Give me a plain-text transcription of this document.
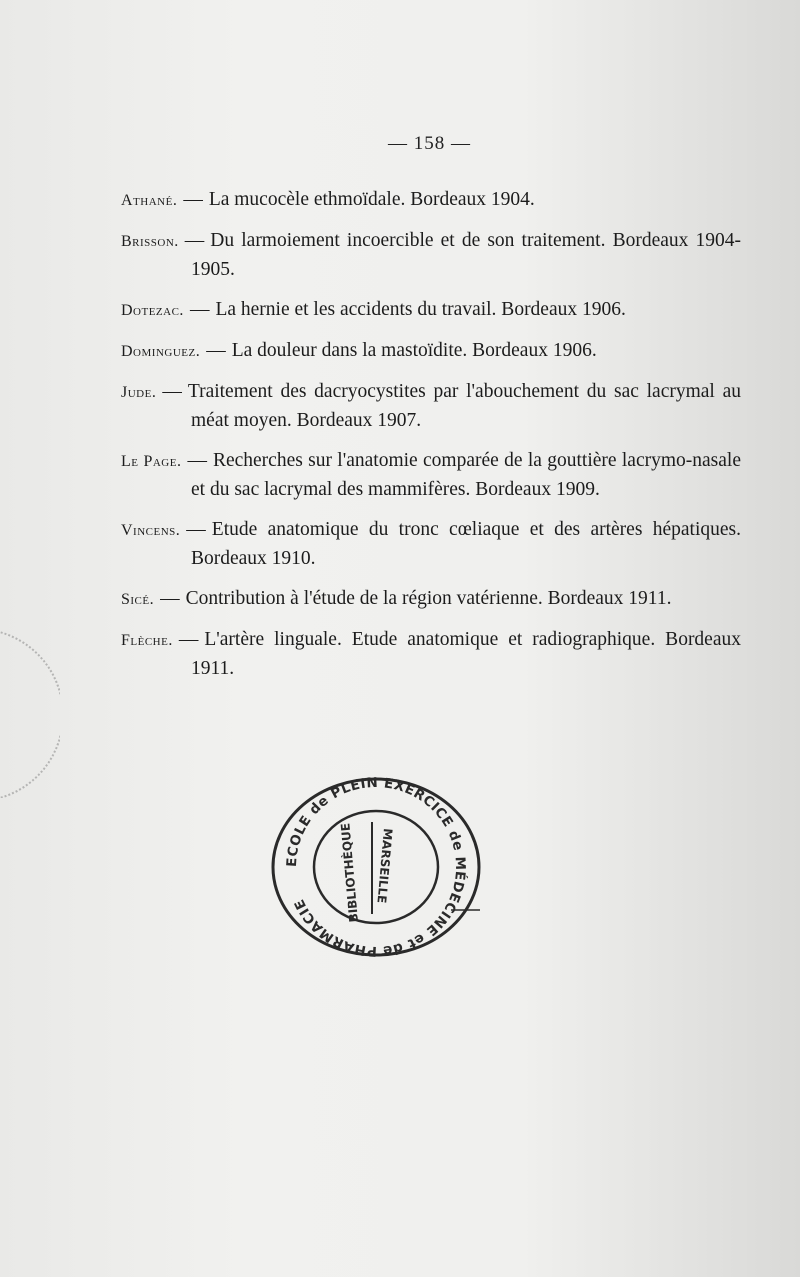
— 158 —
Athané. — La mucocèle ethmoïdale. Bordeaux 1904.
Brisson. — Du larmoiement incoercible et de son traitement. Bordeaux 1904-1905.
Dotezac. — La hernie et les accidents du travail. Bordeaux 1906.
Dominguez. — La douleur dans la mastoïdite. Bordeaux 1906.
Jude. — Traitement des dacryocystites par l'abouchement du sac lacrymal au méat moyen. Bordeaux 1907.
Le Page. — Recherches sur l'anatomie comparée de la gouttière lacrymo-nasale et du sac lacrymal des mammifères. Bordeaux 1909.
Vincens. — Etude anatomique du tronc cœliaque et des artères hépatiques. Bordeaux 1910.
Sicé. — Contribution à l'étude de la région vatérienne. Bordeaux 1911.
Flèche. — L'artère linguale. Etude anatomique et radiographique. Bordeaux 1911.
ECOLE de PLEIN EXERCICE de MÉDECINE et de PHARMACIE	BIBLIOTHÈQUE MARSEILLE
